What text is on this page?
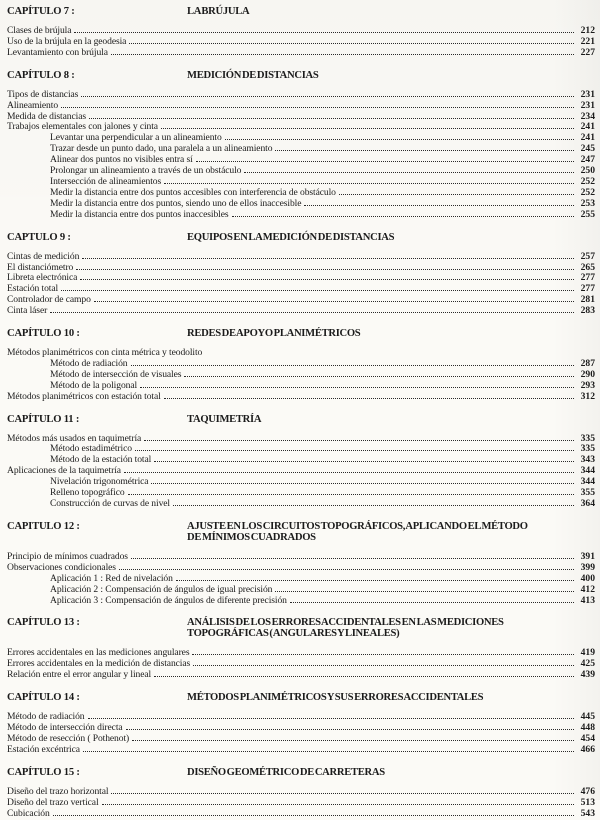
CAPÍTULO 7 :	LA BRÚJULA
Clases de brújula	212
Uso de la brújula en la geodesia	221
Levantamiento con brújula	227
CAPÍTULO 8 :	MEDICIÓN DE DISTANCIAS
Tipos de distancias	231
Alineamiento	231
Medida de distancias	234
Trabajos elementales con jalones y cinta	241
Levantar una perpendicular a un alineamiento	241
Trazar desde un punto dado, una paralela a un alineamiento	245
Alinear dos puntos no visibles entra sí	247
Prolongar un alineamiento a través de un obstáculo	250
Intersección de alineamientos	252
Medir la distancia entre dos puntos accesibles con interferencia de obstáculo	252
Medir la distancia entre dos puntos, siendo uno de ellos inaccesible	253
Medir la distancia entre dos puntos inaccesibles	255
CAPTULO 9 :	EQUIPOS EN LA MEDICIÓN DE DISTANCIAS
Cintas de medición	257
El distanciómetro	265
Libreta electrónica	277
Estación total	277
Controlador de campo	281
Cinta láser	283
CAPÍTULO 10 :	REDES DE APOYO PLANIMÉTRICOS
Métodos planimétricos con cinta métrica y teodolito
Método de radiación	287
Método de intersección de visuales	290
Método de la poligonal	293
Métodos planimétricos con estación total	312
CAPÍTULO 11 :	TAQUIMETRÍA
Métodos más usados en taquimetría	335
Método estadimétrico	335
Método de la estación total	343
Aplicaciones de la taquimetría	344
Nivelación trigonométrica	344
Relleno topográfico	355
Construcción de curvas de nivel	364
CAPITULO 12 :	AJUSTE EN LOS CIRCUITOS TOPOGRÁFICOS, APLICANDO EL MÉTODO DE MÍNIMOS CUADRADOS
Principio de mínimos cuadrados	391
Observaciones condicionales	399
Aplicación 1 : Red de nivelación	400
Aplicación 2 : Compensación de ángulos de igual precisión	412
Aplicación 3 : Compensación de ángulos de diferente precisión	413
CAPÍTULO 13 :	ANÁLISIS DE LOS ERRORES ACCIDENTALES EN LAS MEDICIONES TOPOGRÁFICAS ( ANGULARES Y LINEALES)
Errores accidentales en las mediciones angulares	419
Errores accidentales en la medición de distancias	425
Relación entre el error angular y lineal	439
CAPÍTULO 14 :	MÉTODOS PLANIMÉTRICOS Y SUS ERRORES ACCIDENTALES
Método de radiación	445
Método de intersección directa	448
Método de resección ( Pothenot)	454
Estación excéntrica	466
CAPÍTULO 15 :	DISEÑO GEOMÉTRICO DE CARRETERAS
Diseño del trazo horizontal	476
Diseño del trazo vertical	513
Cubicación	543
